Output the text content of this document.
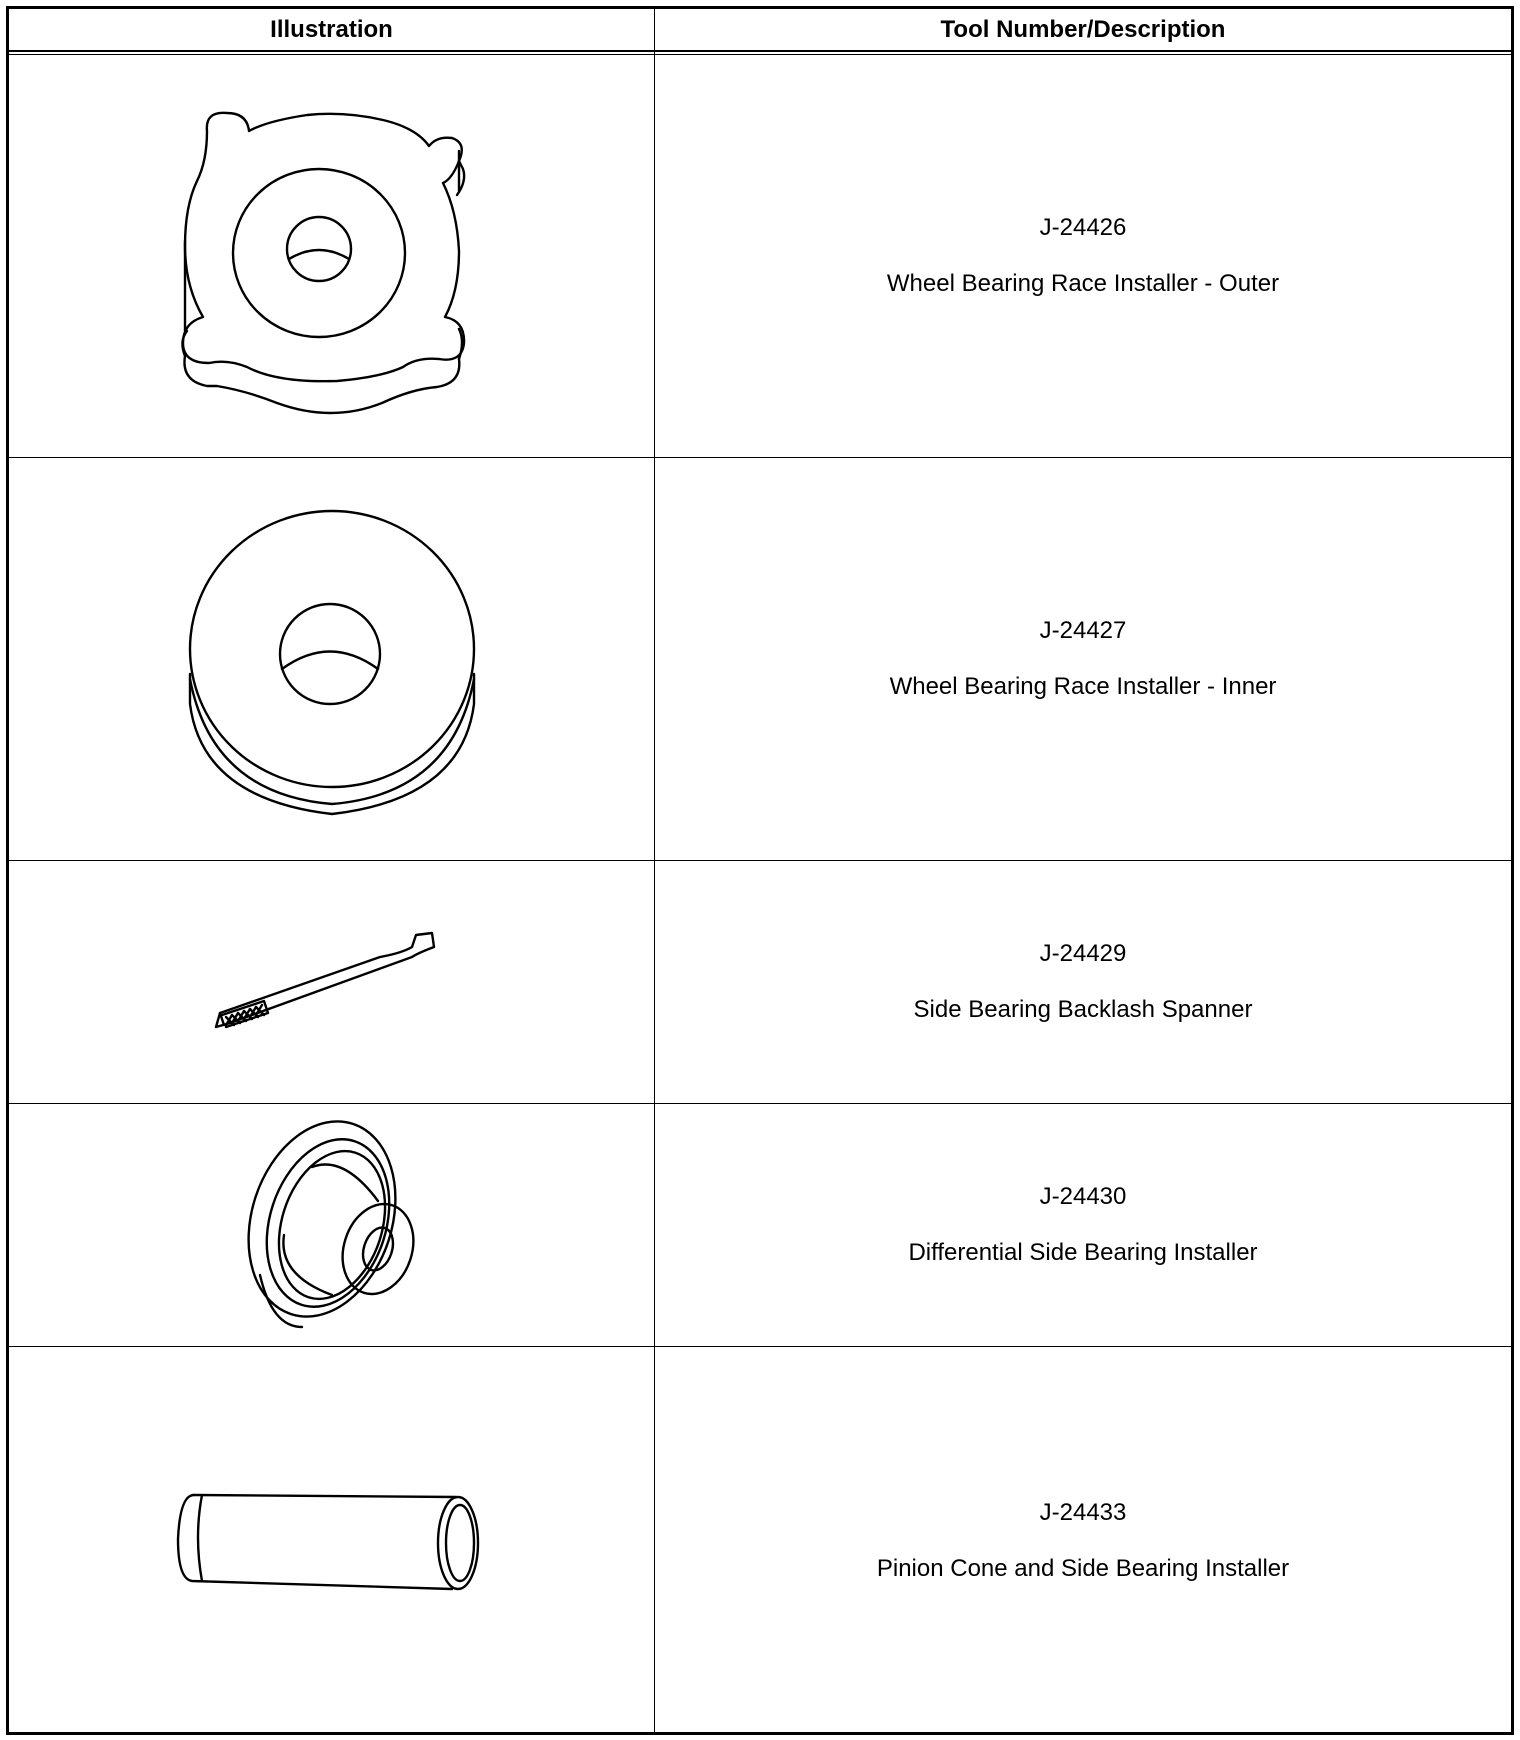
Illustration	Tool Number/Description
J-24426
Wheel Bearing Race Installer - Outer
J-24427
Wheel Bearing Race Installer - Inner
J-24429
Side Bearing Backlash Spanner
J-24430
Differential Side Bearing Installer
J-24433
Pinion Cone and Side Bearing Installer
